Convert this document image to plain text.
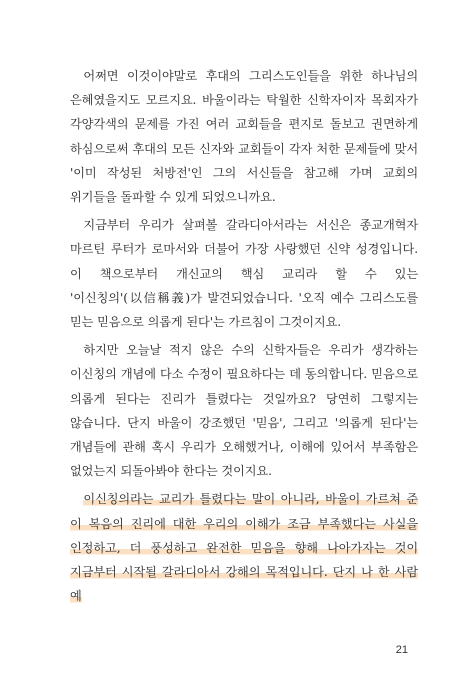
어쩌면 이것이야말로 후대의 그리스도인들을 위한 하나님의 은혜였을지도 모르지요. 바울이라는 탁월한 신학자이자 목회자가 각양각색의 문제를 가진 여러 교회들을 편지로 돌보고 권면하게 하심으로써 후대의 모든 신자와 교회들이 각자 처한 문제들에 맞서 '이미 작성된 처방전'인 그의 서신들을 참고해 가며 교회의 위기들을 돌파할 수 있게 되었으니까요.

지금부터 우리가 살펴볼 갈라디아서라는 서신은 종교개혁자 마르틴 루터가 로마서와 더불어 가장 사랑했던 신약 성경입니다. 이 책으로부터 개신교의 핵심 교리라 할 수 있는 '이신칭의'(以信稱義)가 발견되었습니다. '오직 예수 그리스도를 믿는 믿음으로 의롭게 된다'는 가르침이 그것이지요.

하지만 오늘날 적지 않은 수의 신학자들은 우리가 생각하는 이신칭의 개념에 다소 수정이 필요하다는 데 동의합니다. 믿음으로 의롭게 된다는 진리가 틀렸다는 것일까요? 당연히 그렇지는 않습니다. 단지 바울이 강조했던 '믿음', 그리고 '의롭게 된다'는 개념들에 관해 혹시 우리가 오해했거나, 이해에 있어서 부족함은 없었는지 되돌아봐야 한다는 것이지요.

이신칭의라는 교리가 틀렸다는 말이 아니라, 바울이 가르쳐 준 이 복음의 진리에 대한 우리의 이해가 조금 부족했다는 사실을 인정하고, 더 풍성하고 완전한 믿음을 향해 나아가자는 것이 지금부터 시작될 갈라디아서 강해의 목적입니다. 단지 나 한 사람 예

21
